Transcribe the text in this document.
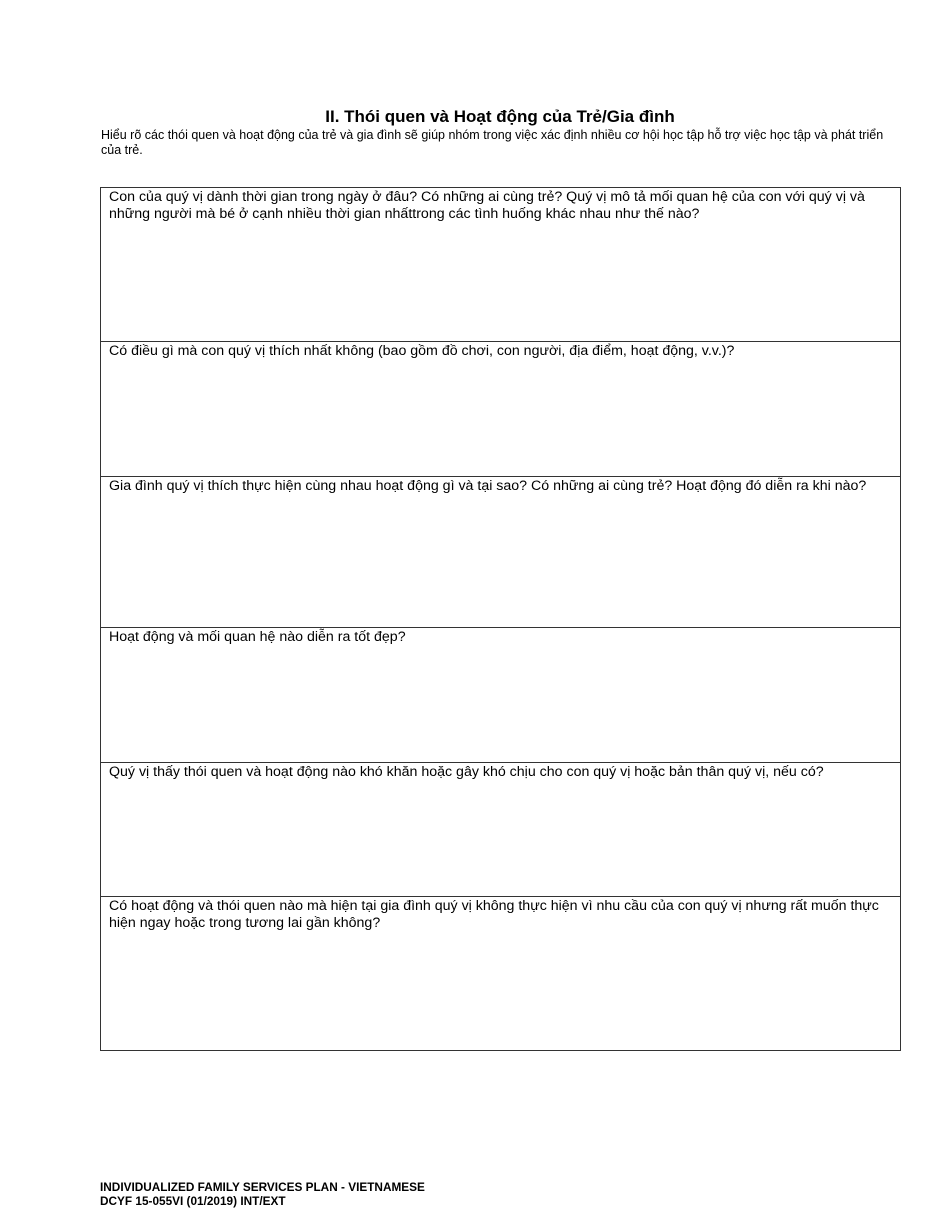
II. Thói quen và Hoạt động của Trẻ/Gia đình

Hiểu rõ các thói quen và hoạt động của trẻ và gia đình sẽ giúp nhóm trong việc xác định nhiều cơ hội học tập hỗ trợ việc học tập và phát triển của trẻ.

Con của quý vị dành thời gian trong ngày ở đâu? Có những ai cùng trẻ? Quý vị mô tả mối quan hệ của con với quý vị và những người mà bé ở cạnh nhiều thời gian nhấttrong các tình huống khác nhau như thế nào?

Có điều gì mà con quý vị thích nhất không (bao gồm đồ chơi, con người, địa điểm, hoạt động, v.v.)?

Gia đình quý vị thích thực hiện cùng nhau hoạt động gì và tại sao? Có những ai cùng trẻ? Hoạt động đó diễn ra khi nào?

Hoạt động và mối quan hệ nào diễn ra tốt đẹp?

Quý vị thấy thói quen và hoạt động nào khó khăn hoặc gây khó chịu cho con quý vị hoặc bản thân quý vị, nếu có?

Có hoạt động và thói quen nào mà hiện tại gia đình quý vị không thực hiện vì nhu cầu của con quý vị nhưng rất muốn thực hiện ngay hoặc trong tương lai gần không?
INDIVIDUALIZED FAMILY SERVICES PLAN - VIETNAMESE
DCYF 15-055VI (01/2019) INT/EXT
